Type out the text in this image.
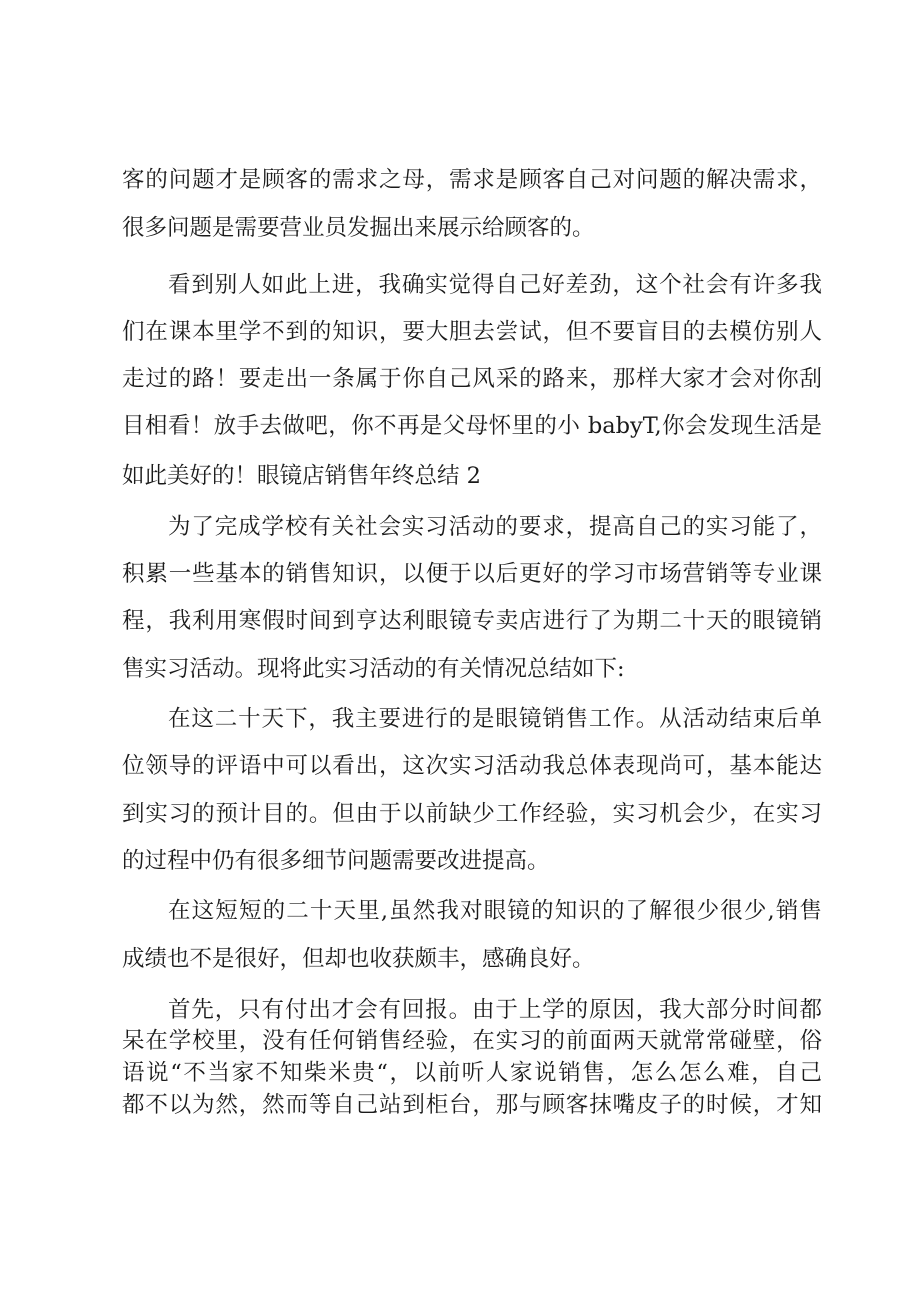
客的问题才是顾客的需求之母，需求是顾客自己对问题的解决需求，
很多问题是需要营业员发掘出来展示给顾客的。
看到别人如此上进，我确实觉得自己好差劲，这个社会有许多我
们在课本里学不到的知识，要大胆去尝试，但不要盲目的去模仿别人
走过的路！要走出一条属于你自己风采的路来，那样大家才会对你刮
目相看！放手去做吧，你不再是父母怀里的小 babyT,你会发现生活是
如此美好的！眼镜店销售年终总结 2
为了完成学校有关社会实习活动的要求，提高自己的实习能了，
积累一些基本的销售知识，以便于以后更好的学习市场营销等专业课
程，我利用寒假时间到亨达利眼镜专卖店进行了为期二十天的眼镜销
售实习活动。现将此实习活动的有关情况总结如下:
在这二十天下，我主要进行的是眼镜销售工作。从活动结束后单
位领导的评语中可以看出，这次实习活动我总体表现尚可，基本能达
到实习的预计目的。但由于以前缺少工作经验，实习机会少，在实习
的过程中仍有很多细节问题需要改进提高。
在这短短的二十天里,虽然我对眼镜的知识的了解很少很少,销售
成绩也不是很好，但却也收获颇丰，感确良好。
首先，只有付出才会有回报。由于上学的原因，我大部分时间都
呆在学校里，没有任何销售经验，在实习的前面两天就常常碰壁，俗
语说“不当家不知柴米贵“，以前听人家说销售，怎么怎么难，自己
都不以为然，然而等自己站到柜台，那与顾客抹嘴皮子的时候，才知
